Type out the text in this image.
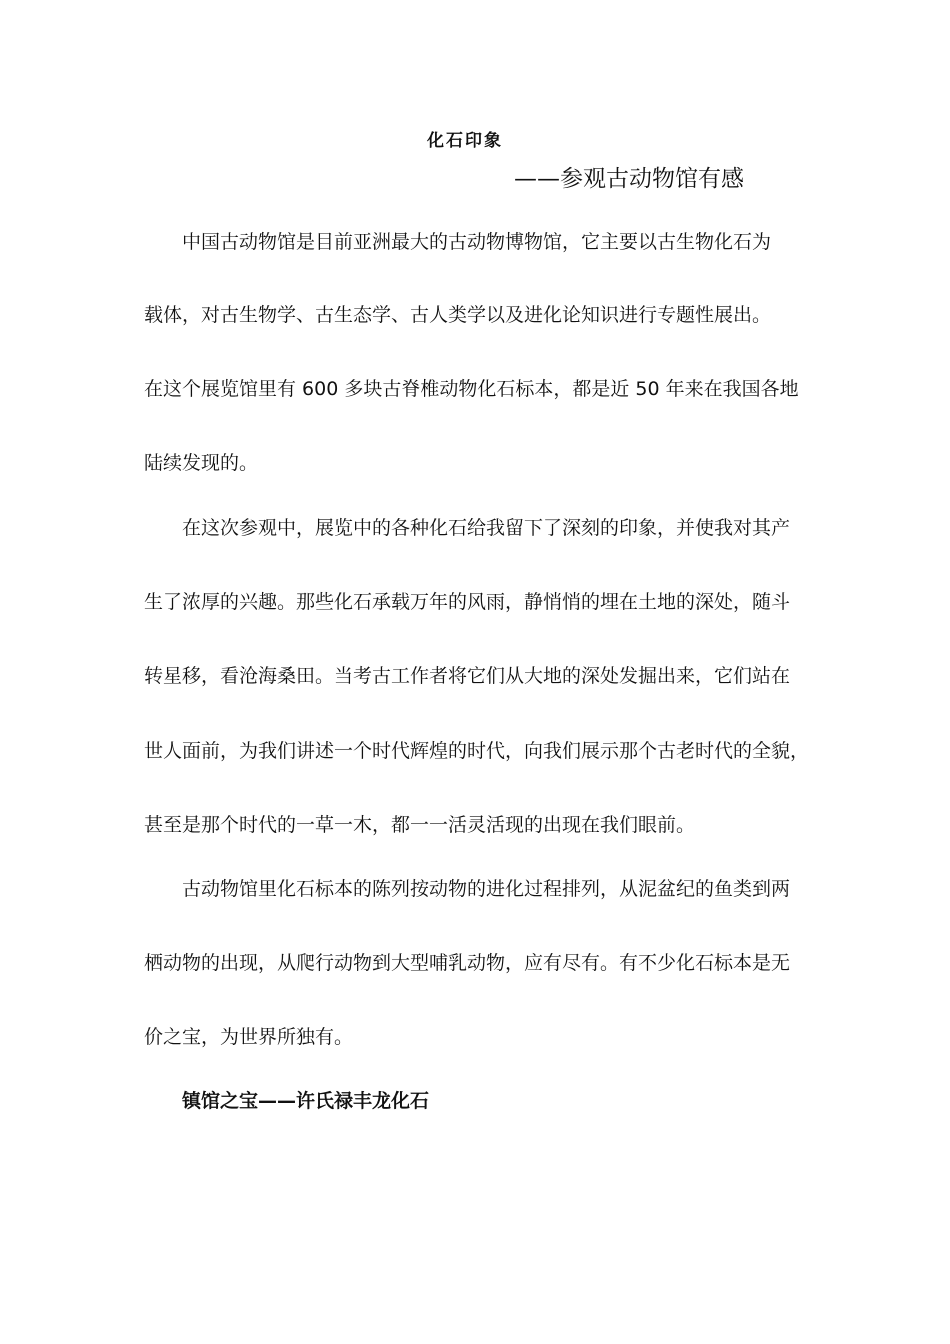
化石印象
——参观古动物馆有感
中国古动物馆是目前亚洲最大的古动物博物馆，它主要以古生物化石为
载体，对古生物学、古生态学、古人类学以及进化论知识进行专题性展出。
在这个展览馆里有 600 多块古脊椎动物化石标本，都是近 50 年来在我国各地
陆续发现的。
在这次参观中，展览中的各种化石给我留下了深刻的印象，并使我对其产
生了浓厚的兴趣。那些化石承载万年的风雨，静悄悄的埋在土地的深处，随斗
转星移，看沧海桑田。当考古工作者将它们从大地的深处发掘出来，它们站在
世人面前，为我们讲述一个时代辉煌的时代，向我们展示那个古老时代的全貌，
甚至是那个时代的一草一木，都一一活灵活现的出现在我们眼前。
古动物馆里化石标本的陈列按动物的进化过程排列，从泥盆纪的鱼类到两
栖动物的出现，从爬行动物到大型哺乳动物，应有尽有。有不少化石标本是无
价之宝，为世界所独有。
镇馆之宝——许氏禄丰龙化石
